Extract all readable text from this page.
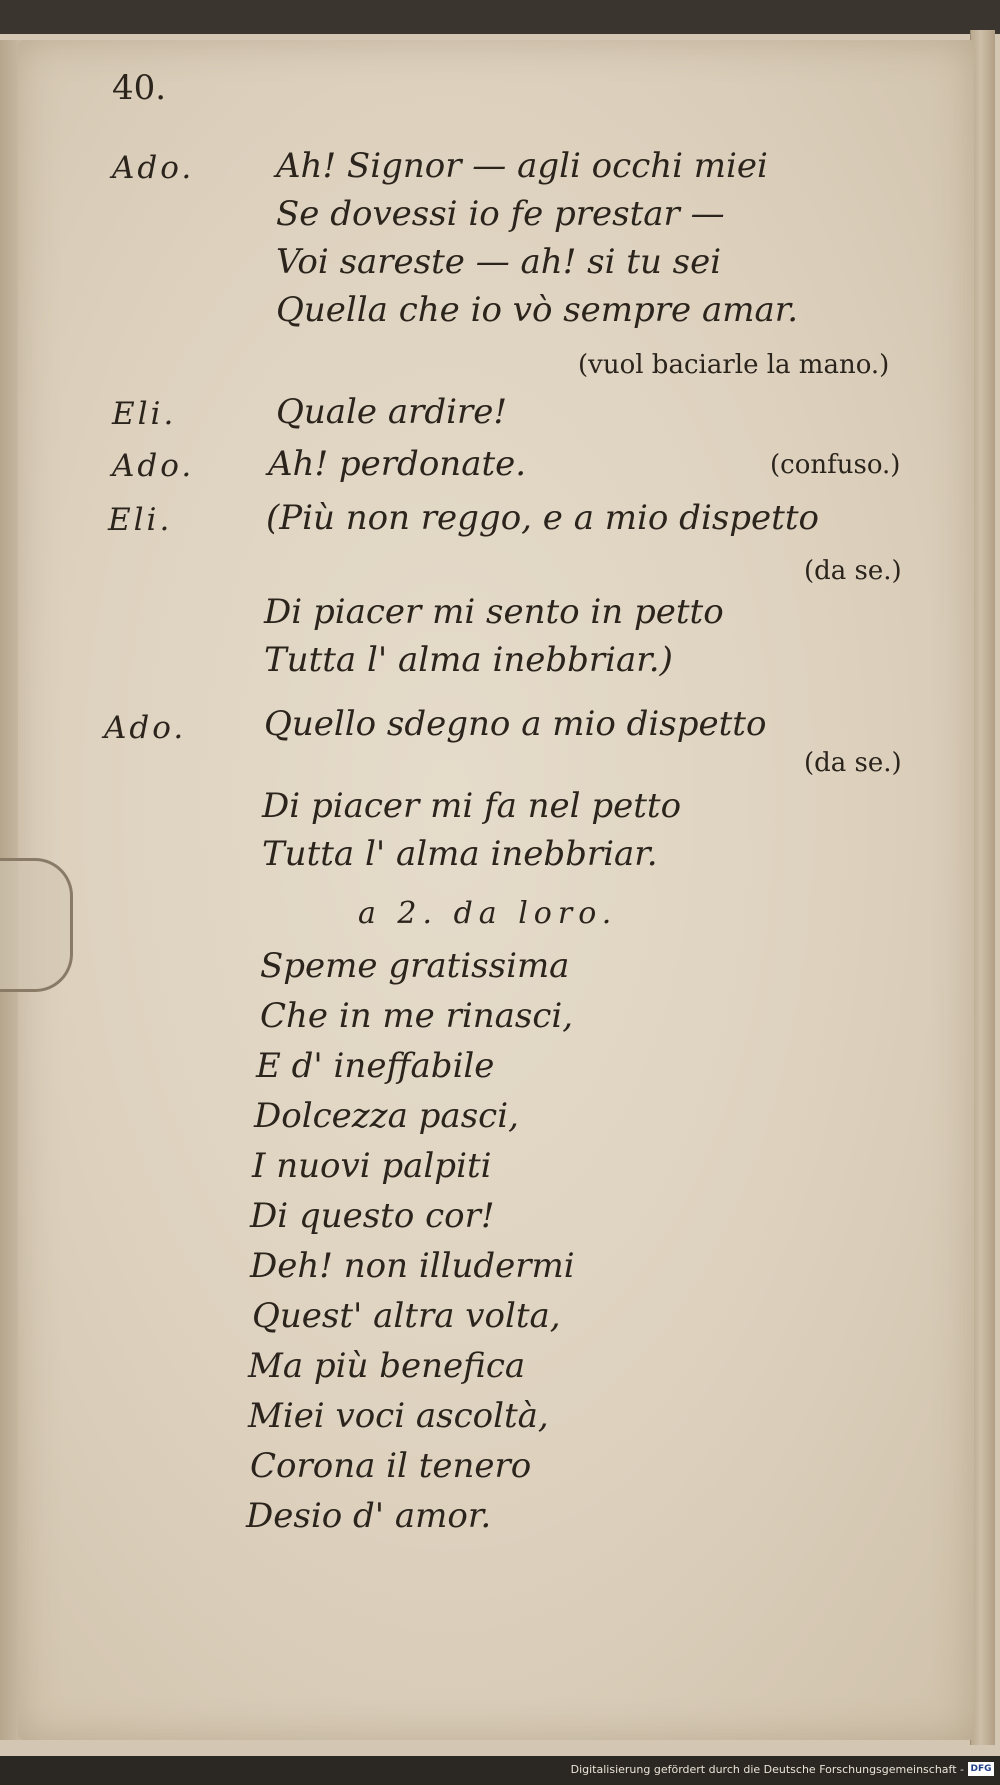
40.
Ado. Ah! Signor — agli occhi miei
Se dovessi io fe prestar —
Voi sareste — ah! si tu sei
Quella che io vò sempre amar.
(vuol baciarle la mano.)
Eli.	Quale ardire!
Ado. Ah! perdonate.	(confuso.)
Eli.	(Più non reggo, e a mio dispetto
(da se.)
Di piacer mi sento in petto
Tutta l' alma inebbriar.)
Ado. Quello sdegno a mio dispetto
(da se.)
Di piacer mi fa nel petto
Tutta l' alma inebbriar.
a 2. da loro.
Speme gratissima
Che in me rinasci,
E d' ineffabile
Dolcezza pasci,
I nuovi palpiti
Di questo cor!
Deh! non illudermi
Quest' altra volta,
Ma più benefica
Miei voci ascoltà,
Corona il tenero
Desio d' amor.
Digitalisierung gefördert durch die Deutsche Forschungsgemeinschaft - DFG
